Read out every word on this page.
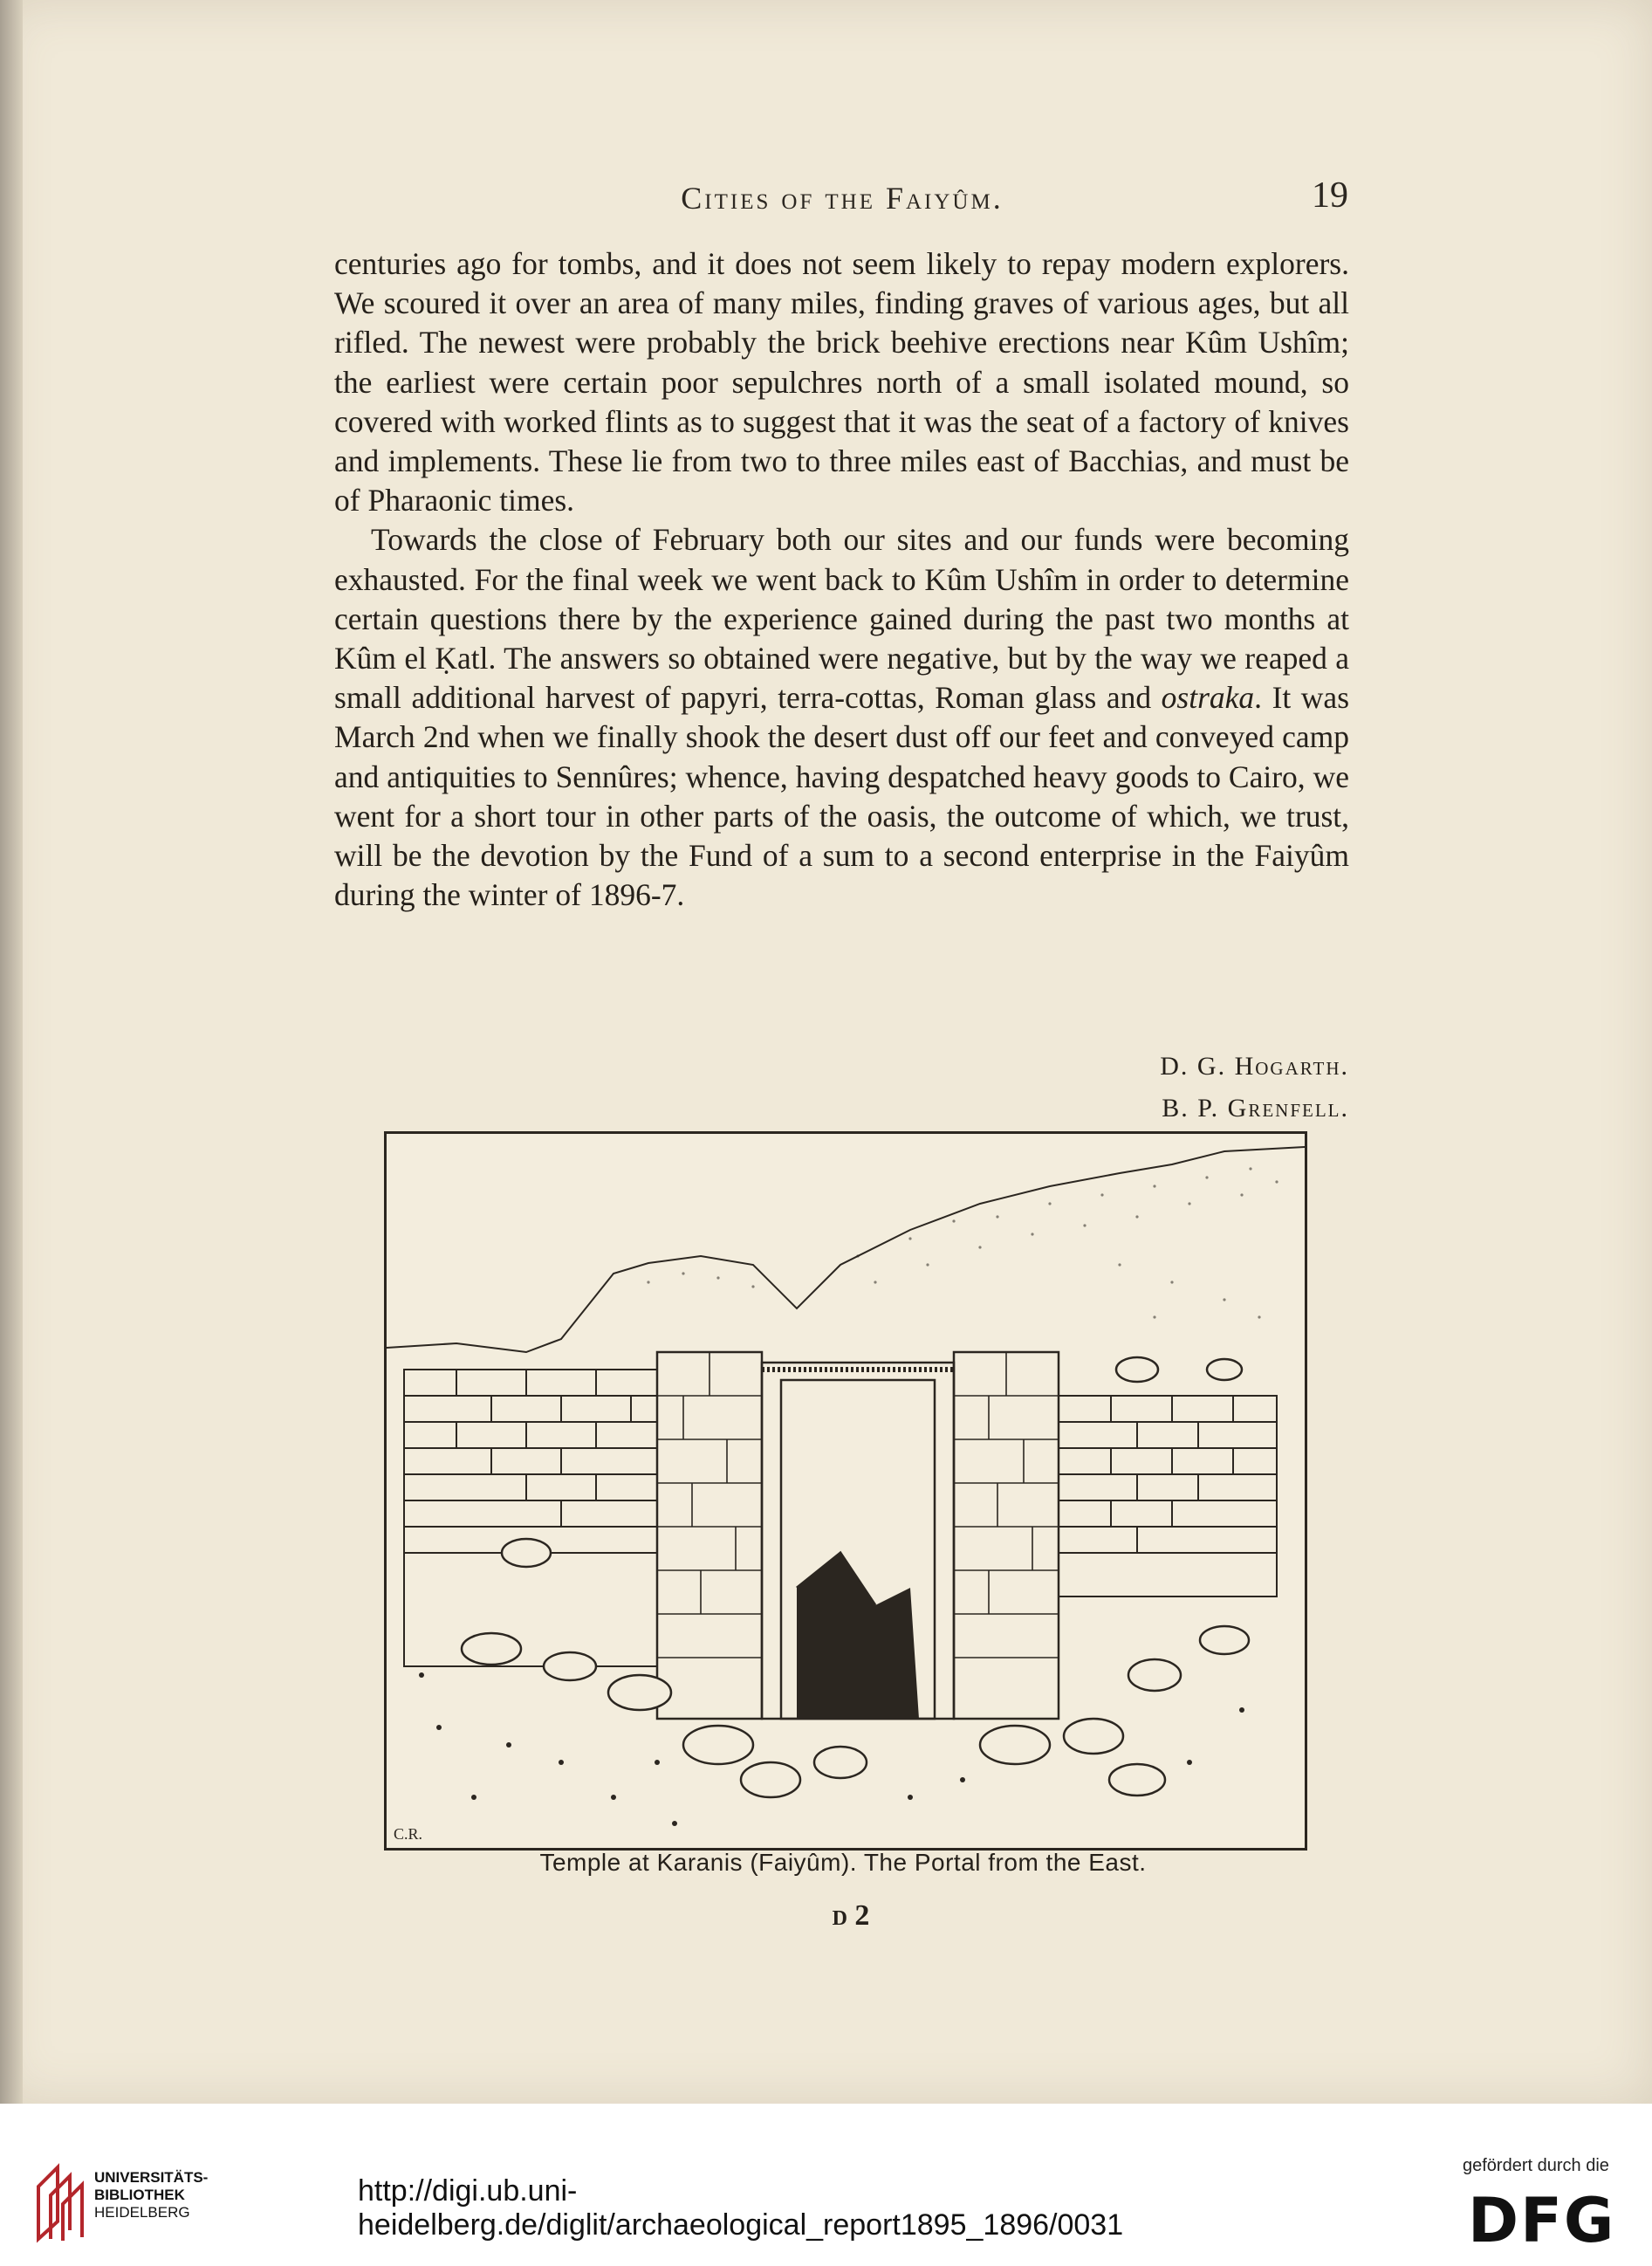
Cities of the Faiyûm.	19

centuries ago for tombs, and it does not seem likely to repay modern explorers. We scoured it over an area of many miles, finding graves of various ages, but all rifled. The newest were probably the brick beehive erections near Kûm Ushîm; the earliest were certain poor sepulchres north of a small isolated mound, so covered with worked flints as to suggest that it was the seat of a factory of knives and implements. These lie from two to three miles east of Bacchias, and must be of Pharaonic times.

Towards the close of February both our sites and our funds were becoming exhausted. For the final week we went back to Kûm Ushîm in order to determine certain questions there by the experience gained during the past two months at Kûm el Ḳatl. The answers so obtained were negative, but by the way we reaped a small additional harvest of papyri, terra-cottas, Roman glass and ostraka. It was March 2nd when we finally shook the desert dust off our feet and conveyed camp and antiquities to Sennûres; whence, having despatched heavy goods to Cairo, we went for a short tour in other parts of the oasis, the outcome of which, we trust, will be the devotion by the Fund of a sum to a second enterprise in the Faiyûm during the winter of 1896-7.

D. G. Hogarth.
B. P. Grenfell.
C.R.
Temple at Karanis (Faiyûm). The Portal from the East.
d 2
UNIVERSITÄTS-
BIBLIOTHEK
HEIDELBERG
http://digi.ub.uni-heidelberg.de/diglit/archaeological_report1895_1896/0031
gefördert durch die
DFG
